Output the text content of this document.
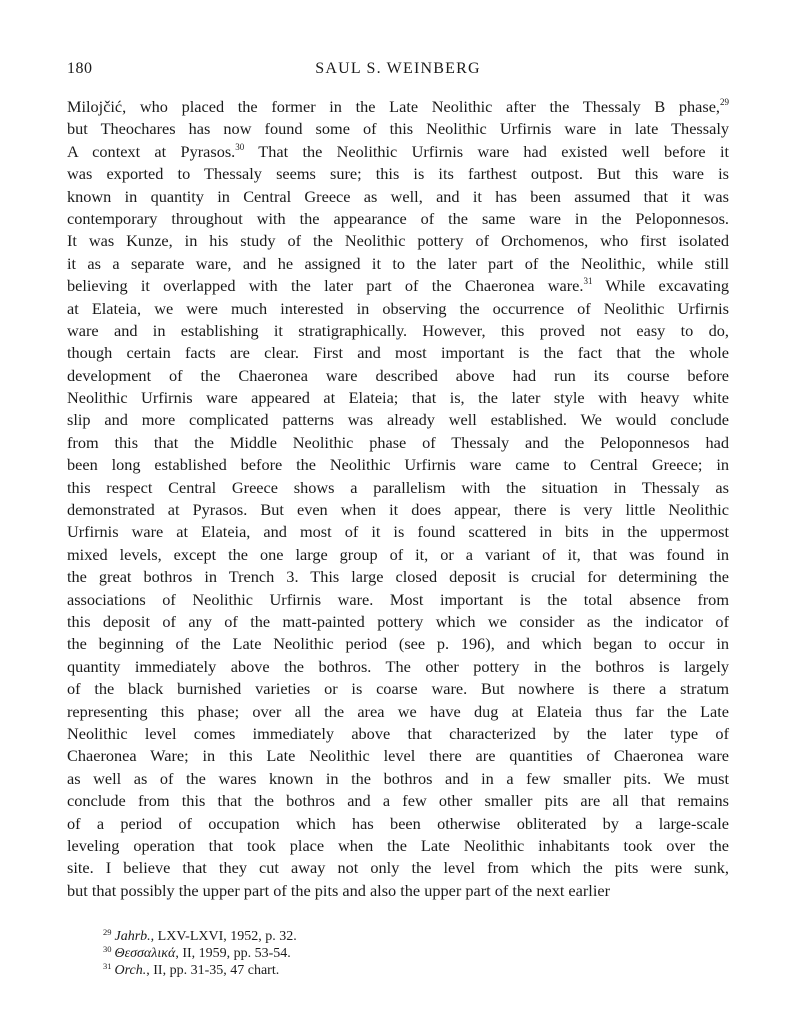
180	SAUL S. WEINBERG
Milojčić, who placed the former in the Late Neolithic after the Thessaly B phase,$^{29}$
but Theochares has now found some of this Neolithic Urfirnis ware in late Thessaly
A context at Pyrasos.$^{30}$ That the Neolithic Urfirnis ware had existed well before it
was exported to Thessaly seems sure; this is its farthest outpost. But this ware is
known in quantity in Central Greece as well, and it has been assumed that it was
contemporary throughout with the appearance of the same ware in the Peloponnesos.
It was Kunze, in his study of the Neolithic pottery of Orchomenos, who first isolated
it as a separate ware, and he assigned it to the later part of the Neolithic, while still
believing it overlapped with the later part of the Chaeronea ware.$^{31}$ While excavating
at Elateia, we were much interested in observing the occurrence of Neolithic Urfirnis
ware and in establishing it stratigraphically. However, this proved not easy to do,
though certain facts are clear. First and most important is the fact that the whole
development of the Chaeronea ware described above had run its course before
Neolithic Urfirnis ware appeared at Elateia; that is, the later style with heavy white
slip and more complicated patterns was already well established. We would conclude
from this that the Middle Neolithic phase of Thessaly and the Peloponnesos had
been long established before the Neolithic Urfirnis ware came to Central Greece; in
this respect Central Greece shows a parallelism with the situation in Thessaly as
demonstrated at Pyrasos. But even when it does appear, there is very little Neolithic
Urfirnis ware at Elateia, and most of it is found scattered in bits in the uppermost
mixed levels, except the one large group of it, or a variant of it, that was found in
the great bothros in Trench 3. This large closed deposit is crucial for determining the
associations of Neolithic Urfirnis ware. Most important is the total absence from
this deposit of any of the matt-painted pottery which we consider as the indicator of
the beginning of the Late Neolithic period (see p. 196), and which began to occur in
quantity immediately above the bothros. The other pottery in the bothros is largely
of the black burnished varieties or is coarse ware. But nowhere is there a stratum
representing this phase; over all the area we have dug at Elateia thus far the Late
Neolithic level comes immediately above that characterized by the later type of
Chaeronea Ware; in this Late Neolithic level there are quantities of Chaeronea ware
as well as of the wares known in the bothros and in a few smaller pits. We must
conclude from this that the bothros and a few other smaller pits are all that remains
of a period of occupation which has been otherwise obliterated by a large-scale
leveling operation that took place when the Late Neolithic inhabitants took over the
site. I believe that they cut away not only the level from which the pits were sunk,
but that possibly the upper part of the pits and also the upper part of the next earlier
$^{29}$ Jahrb., LXV-LXVI, 1952, p. 32.
$^{30}$ Θεσσαλικά, II, 1959, pp. 53-54.
$^{31}$ Orch., II, pp. 31-35, 47 chart.
